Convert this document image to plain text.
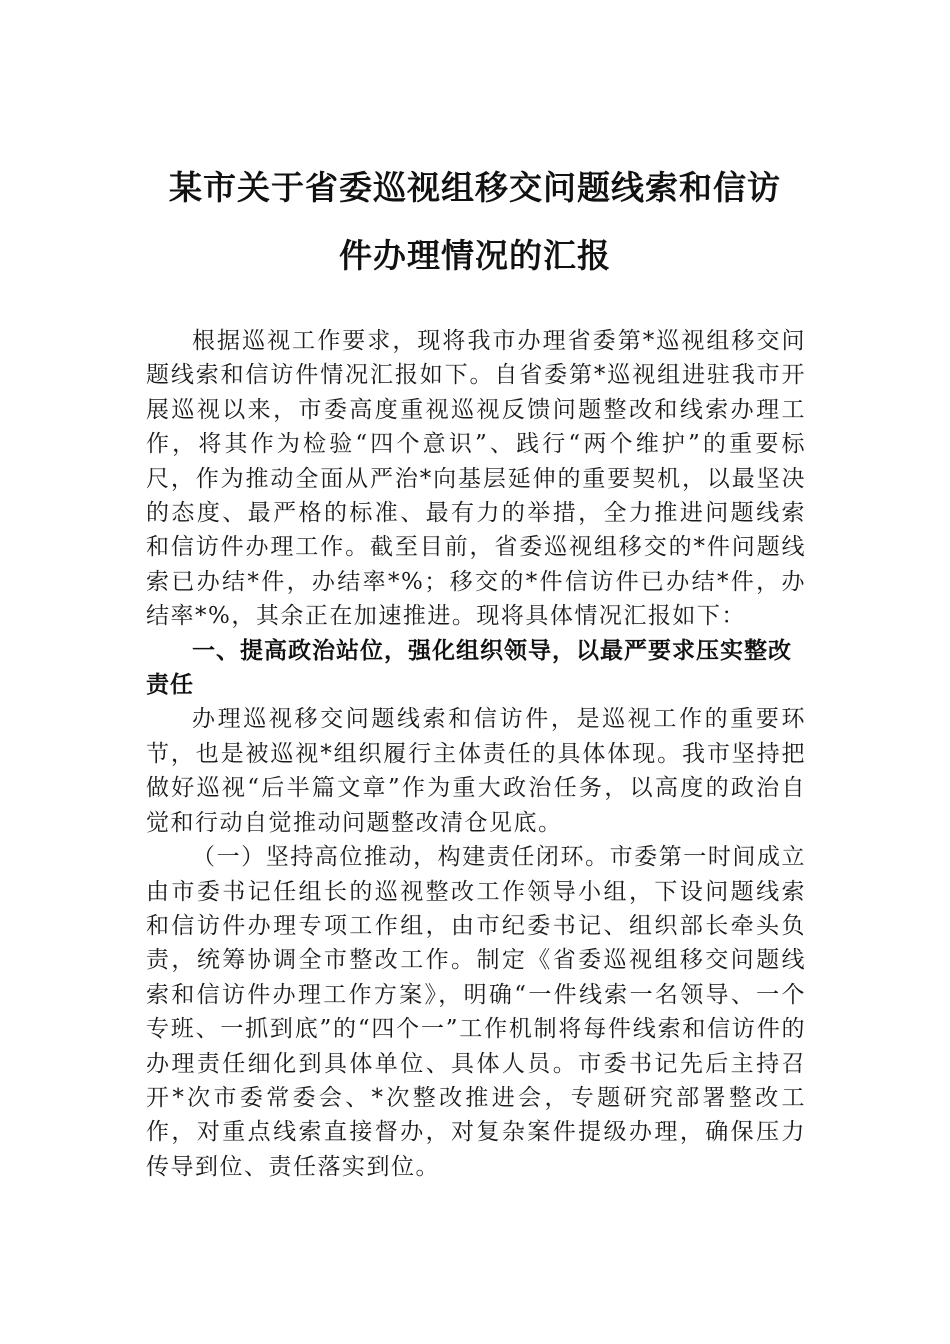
某市关于省委巡视组移交问题线索和信访
件办理情况的汇报

根据巡视工作要求，现将我市办理省委第*巡视组移交问题线索和信访件情况汇报如下。自省委第*巡视组进驻我市开展巡视以来，市委高度重视巡视反馈问题整改和线索办理工作，将其作为检验“四个意识”、践行“两个维护”的重要标尺，作为推动全面从严治*向基层延伸的重要契机，以最坚决的态度、最严格的标准、最有力的举措，全力推进问题线索和信访件办理工作。截至目前，省委巡视组移交的*件问题线索已办结*件，办结率*%；移交的*件信访件已办结*件，办结率*%，其余正在加速推进。现将具体情况汇报如下：

一、提高政治站位，强化组织领导，以最严要求压实整改责任

办理巡视移交问题线索和信访件，是巡视工作的重要环节，也是被巡视*组织履行主体责任的具体体现。我市坚持把做好巡视“后半篇文章”作为重大政治任务，以高度的政治自觉和行动自觉推动问题整改清仓见底。

（一）坚持高位推动，构建责任闭环。市委第一时间成立由市委书记任组长的巡视整改工作领导小组，下设问题线索和信访件办理专项工作组，由市纪委书记、组织部长牵头负责，统筹协调全市整改工作。制定《省委巡视组移交问题线索和信访件办理工作方案》，明确“一件线索一名领导、一个专班、一抓到底”的“四个一”工作机制将每件线索和信访件的办理责任细化到具体单位、具体人员。市委书记先后主持召开*次市委常委会、*次整改推进会，专题研究部署整改工作，对重点线索直接督办，对复杂案件提级办理，确保压力传导到位、责任落实到位。
